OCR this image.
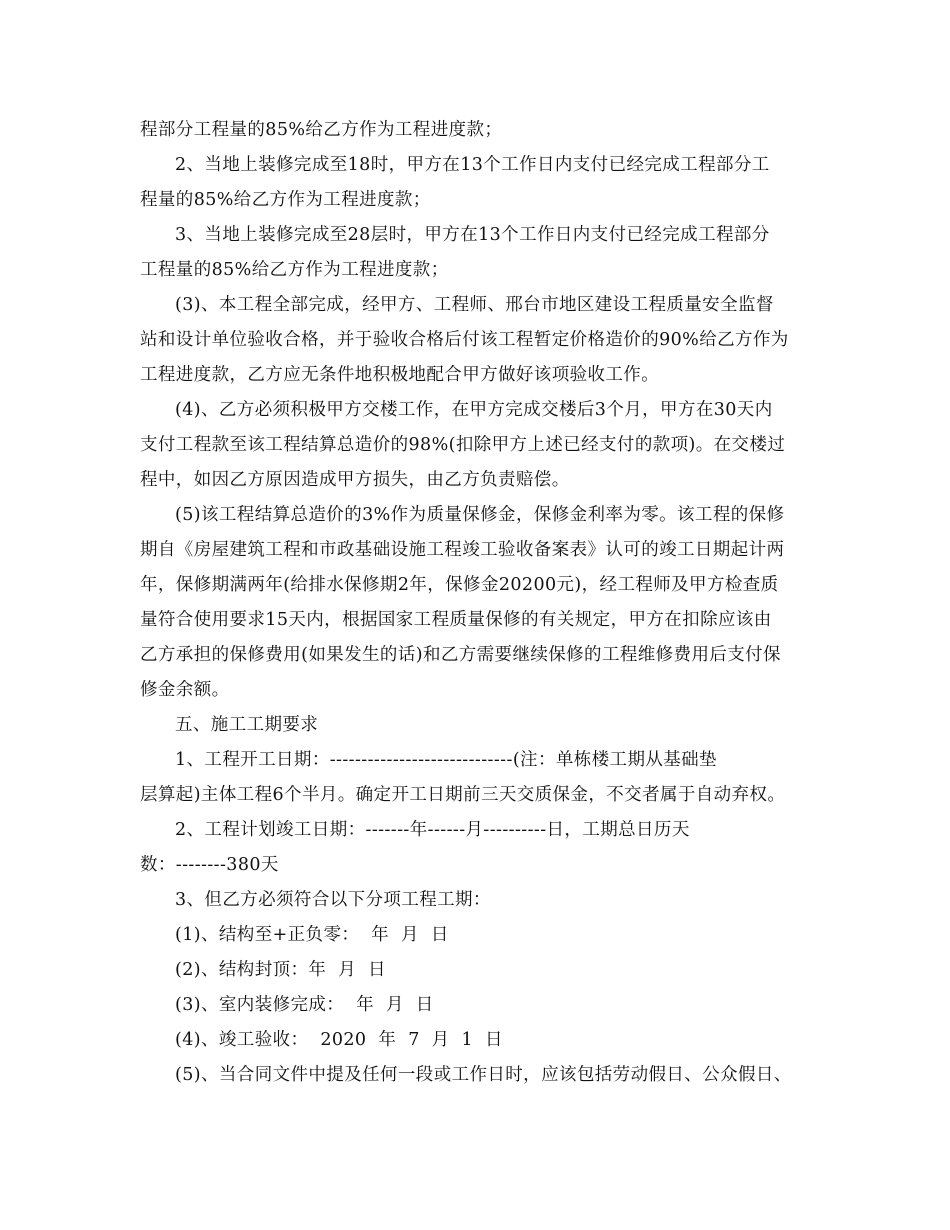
程部分工程量的85%给乙方作为工程进度款；
2、当地上装修完成至18时，甲方在13个工作日内支付已经完成工程部分工
程量的85%给乙方作为工程进度款；
3、当地上装修完成至28层时，甲方在13个工作日内支付已经完成工程部分
工程量的85%给乙方作为工程进度款；
(3)、本工程全部完成，经甲方、工程师、邢台市地区建设工程质量安全监督
站和设计单位验收合格，并于验收合格后付该工程暂定价格造价的90%给乙方作为
工程进度款，乙方应无条件地积极地配合甲方做好该项验收工作。
(4)、乙方必须积极甲方交楼工作，在甲方完成交楼后3个月，甲方在30天内
支付工程款至该工程结算总造价的98%(扣除甲方上述已经支付的款项)。在交楼过
程中，如因乙方原因造成甲方损失，由乙方负责赔偿。
(5)该工程结算总造价的3%作为质量保修金，保修金利率为零。该工程的保修
期自《房屋建筑工程和市政基础设施工程竣工验收备案表》认可的竣工日期起计两
年，保修期满两年(给排水保修期2年，保修金20200元)，经工程师及甲方检查质
量符合使用要求15天内，根据国家工程质量保修的有关规定，甲方在扣除应该由
乙方承担的保修费用(如果发生的话)和乙方需要继续保修的工程维修费用后支付保
修金余额。
五、施工工期要求
1、工程开工日期：-----------------------------(注：单栋楼工期从基础垫
层算起)主体工程6个半月。确定开工日期前三天交质保金，不交者属于自动弃权。
2、工程计划竣工日期：-------年------月----------日，工期总日历天
数：--------380天
3、但乙方必须符合以下分项工程工期：
(1)、结构至+正负零：  年  月  日
(2)、结构封顶：年  月  日
(3)、室内装修完成：  年  月  日
(4)、竣工验收：  2020  年  7  月  1  日
(5)、当合同文件中提及任何一段或工作日时，应该包括劳动假日、公众假日、
